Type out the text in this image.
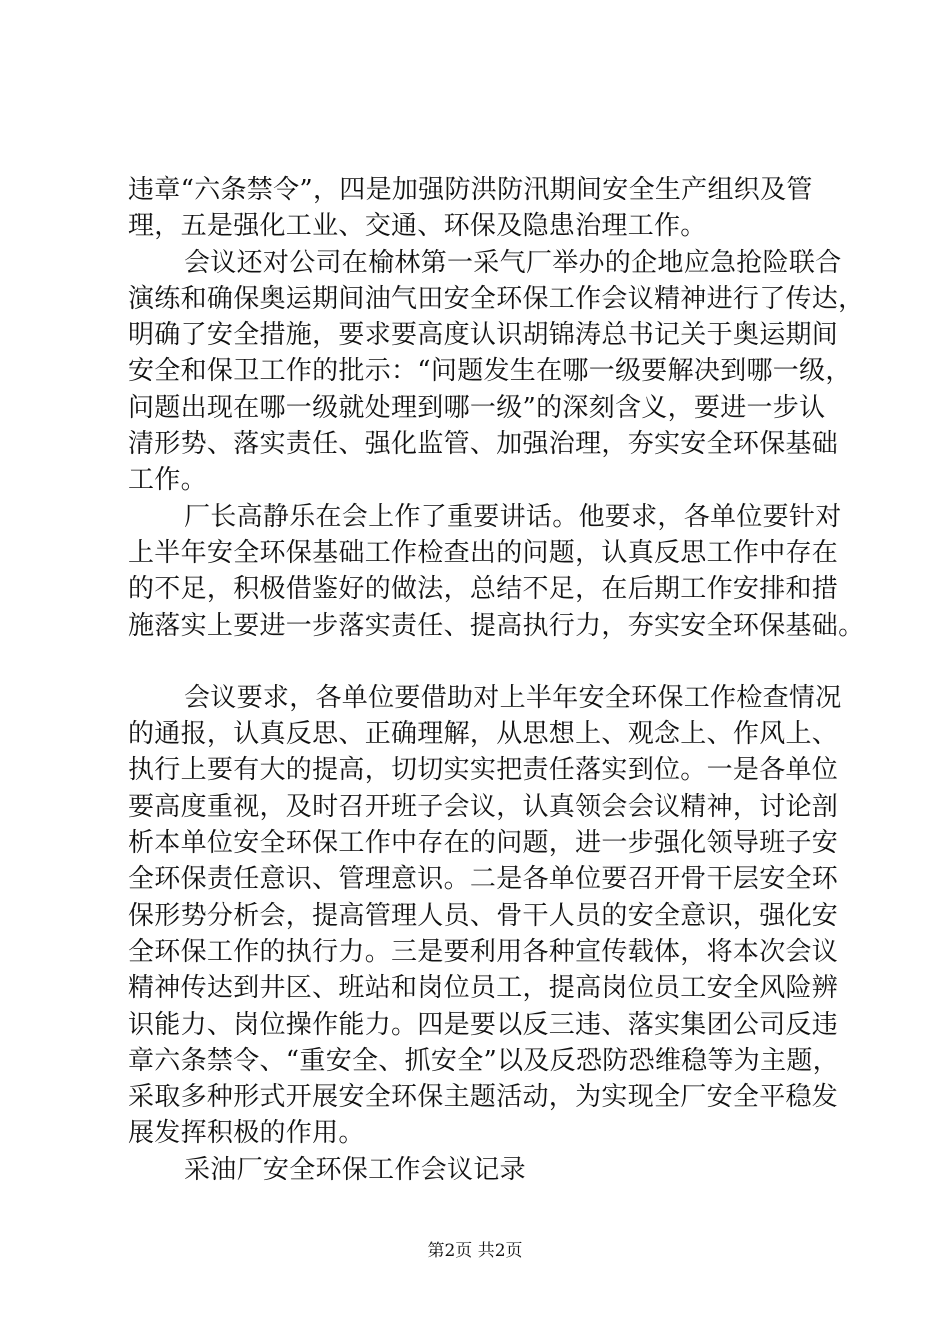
违章“六条禁令”，四是加强防洪防汛期间安全生产组织及管
理，五是强化工业、交通、环保及隐患治理工作。
会议还对公司在榆林第一采气厂举办的企地应急抢险联合
演练和确保奥运期间油气田安全环保工作会议精神进行了传达，
明确了安全措施，要求要高度认识胡锦涛总书记关于奥运期间
安全和保卫工作的批示：“问题发生在哪一级要解决到哪一级，
问题出现在哪一级就处理到哪一级”的深刻含义，要进一步认
清形势、落实责任、强化监管、加强治理，夯实安全环保基础
工作。
厂长高静乐在会上作了重要讲话。他要求，各单位要针对
上半年安全环保基础工作检查出的问题，认真反思工作中存在
的不足，积极借鉴好的做法，总结不足，在后期工作安排和措
施落实上要进一步落实责任、提高执行力，夯实安全环保基础。
会议要求，各单位要借助对上半年安全环保工作检查情况
的通报，认真反思、正确理解，从思想上、观念上、作风上、
执行上要有大的提高，切切实实把责任落实到位。一是各单位
要高度重视，及时召开班子会议，认真领会会议精神，讨论剖
析本单位安全环保工作中存在的问题，进一步强化领导班子安
全环保责任意识、管理意识。二是各单位要召开骨干层安全环
保形势分析会，提高管理人员、骨干人员的安全意识，强化安
全环保工作的执行力。三是要利用各种宣传载体，将本次会议
精神传达到井区、班站和岗位员工，提高岗位员工安全风险辨
识能力、岗位操作能力。四是要以反三违、落实集团公司反违
章六条禁令、“重安全、抓安全”以及反恐防恐维稳等为主题，
采取多种形式开展安全环保主题活动，为实现全厂安全平稳发
展发挥积极的作用。
采油厂安全环保工作会议记录
第2页 共2页
